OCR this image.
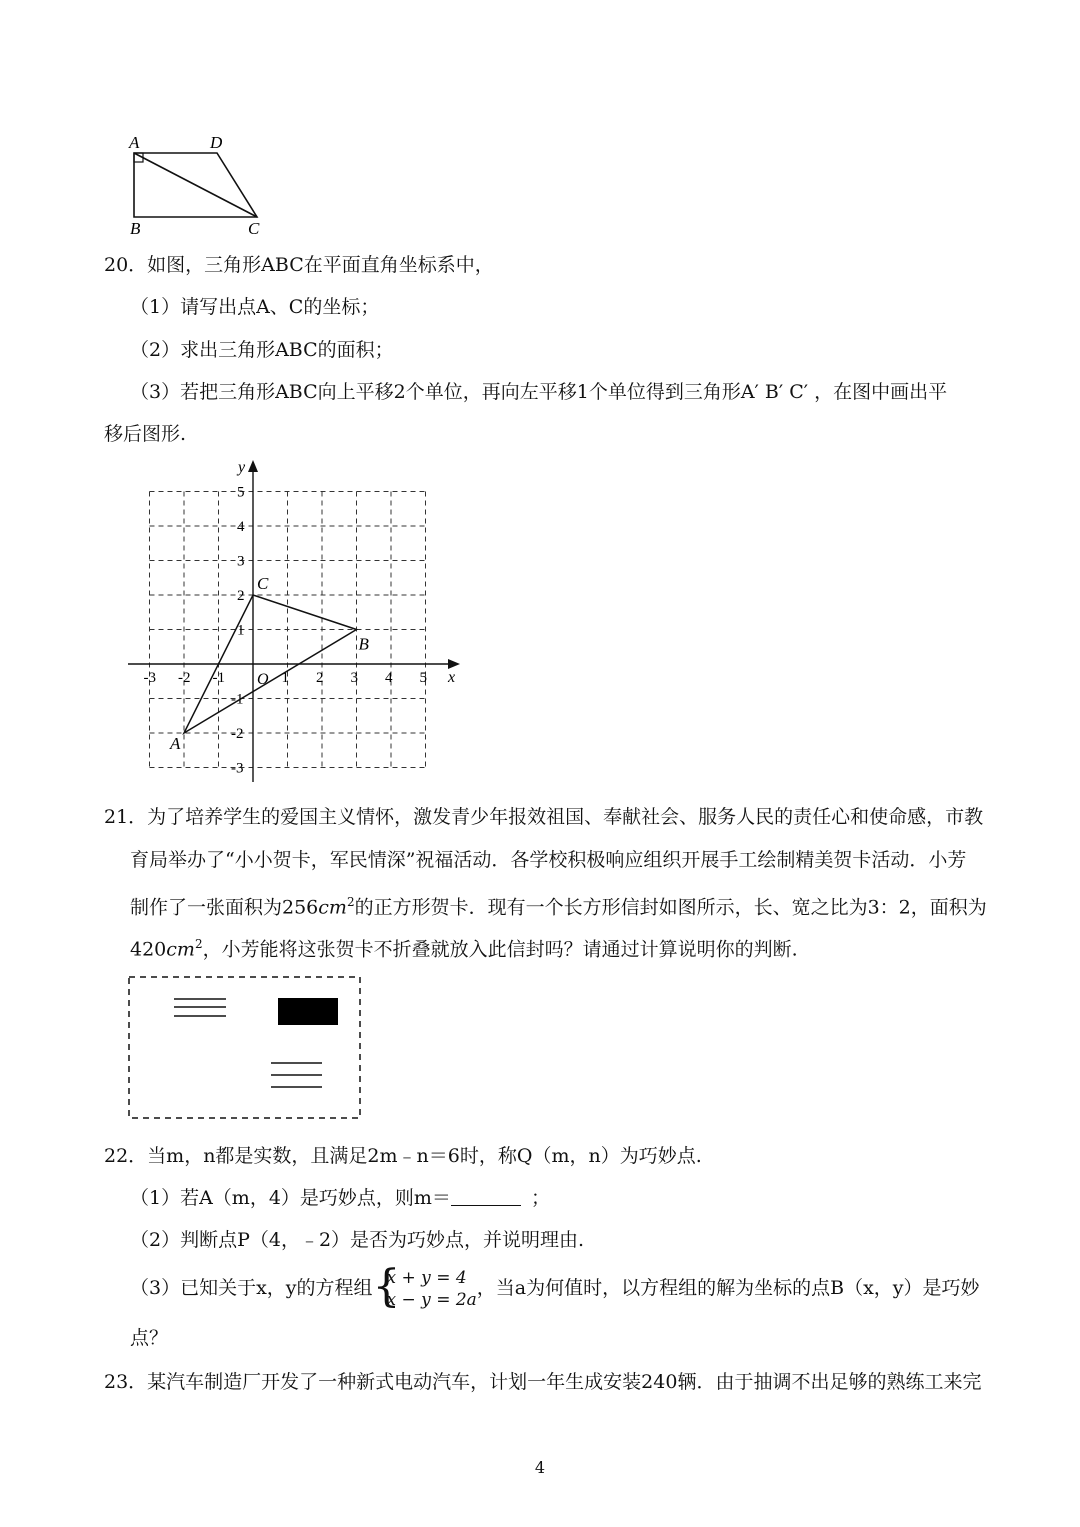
A	D
B	C
20．如图，三角形ABC在平面直角坐标系中，
（1）请写出点A、C的坐标；
（2）求出三角形ABC的面积；
（3）若把三角形ABC向上平移2个单位，再向左平移1个单位得到三角形A′ B′ C′ ，在图中画出平
移后图形.
x
y
O
-3 -2 -1	1 2 3 4 5
5
4
3
2
1
-1
-2
-3
A
B
C
21．为了培养学生的爱国主义情怀，激发青少年报效祖国、奉献社会、服务人民的责任心和使命感，市教
育局举办了“小小贺卡，军民情深”祝福活动．各学校积极响应组织开展手工绘制精美贺卡活动．小芳
制作了一张面积为$256cm^2$的正方形贺卡．现有一个长方形信封如图所示，长、宽之比为3：2，面积为
$420cm^2$，小芳能将这张贺卡不折叠就放入此信封吗？请通过计算说明你的判断.
22．当m，n都是实数，且满足2m﹣n＝6时，称Q（m，n）为巧妙点.
（1）若A（m，4）是巧妙点，则m＝	；
（2）判断点P（4，﹣2）是否为巧妙点，并说明理由.
（3）已知关于x，y的方程组 {
x + y = 4
x − y = 2a
，当a为何值时，以方程组的解为坐标的点B（x，y）是巧妙
点？
23．某汽车制造厂开发了一种新式电动汽车，计划一年生成安装240辆．由于抽调不出足够的熟练工来完
4
